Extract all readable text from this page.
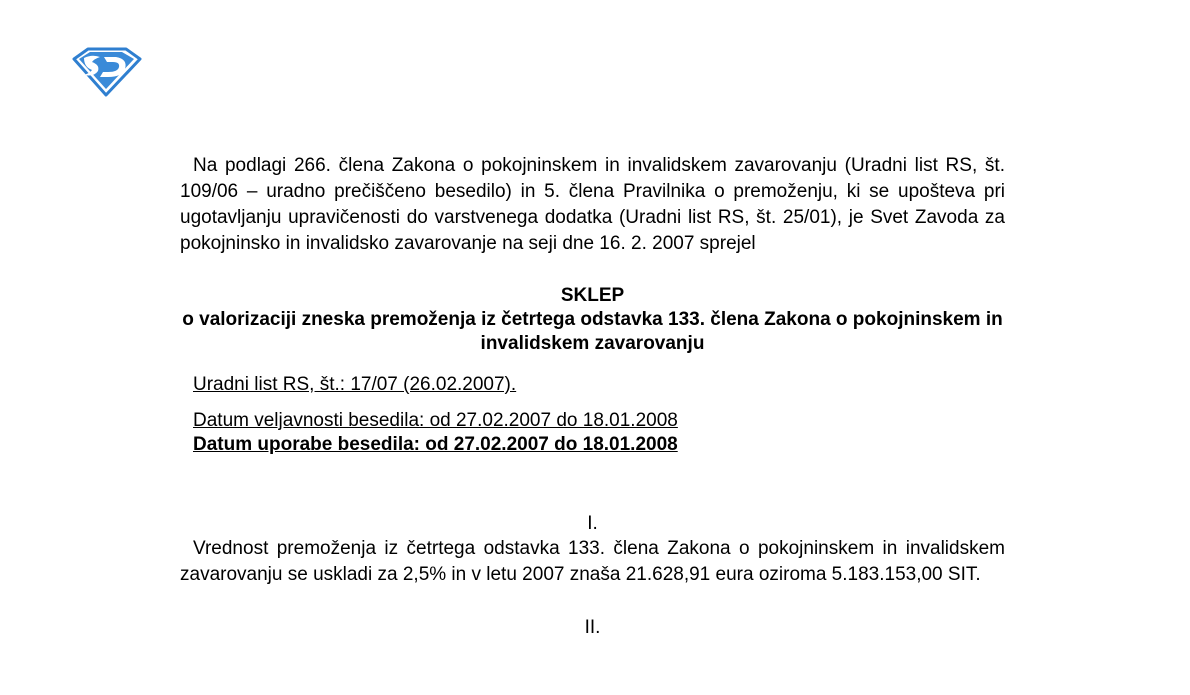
Na podlagi 266. člena Zakona o pokojninskem in invalidskem zavarovanju (Uradni list RS, št. 109/06 – uradno prečiščeno besedilo) in 5. člena Pravilnika o premoženju, ki se upošteva pri ugotavljanju upravičenosti do varstvenega dodatka (Uradni list RS, št. 25/01), je Svet Zavoda za pokojninsko in invalidsko zavarovanje na seji dne 16. 2. 2007 sprejel

SKLEP
o valorizaciji zneska premoženja iz četrtega odstavka 133. člena Zakona o pokojninskem in invalidskem zavarovanju
Uradni list RS, št.: 17/07 (26.02.2007).
Datum veljavnosti besedila: od 27.02.2007 do 18.01.2008
Datum uporabe besedila: od 27.02.2007 do 18.01.2008
I.

Vrednost premoženja iz četrtega odstavka 133. člena Zakona o pokojninskem in invalidskem zavarovanju se uskladi za 2,5% in v letu 2007 znaša 21.628,91 eura oziroma 5.183.153,00 SIT.

II.
